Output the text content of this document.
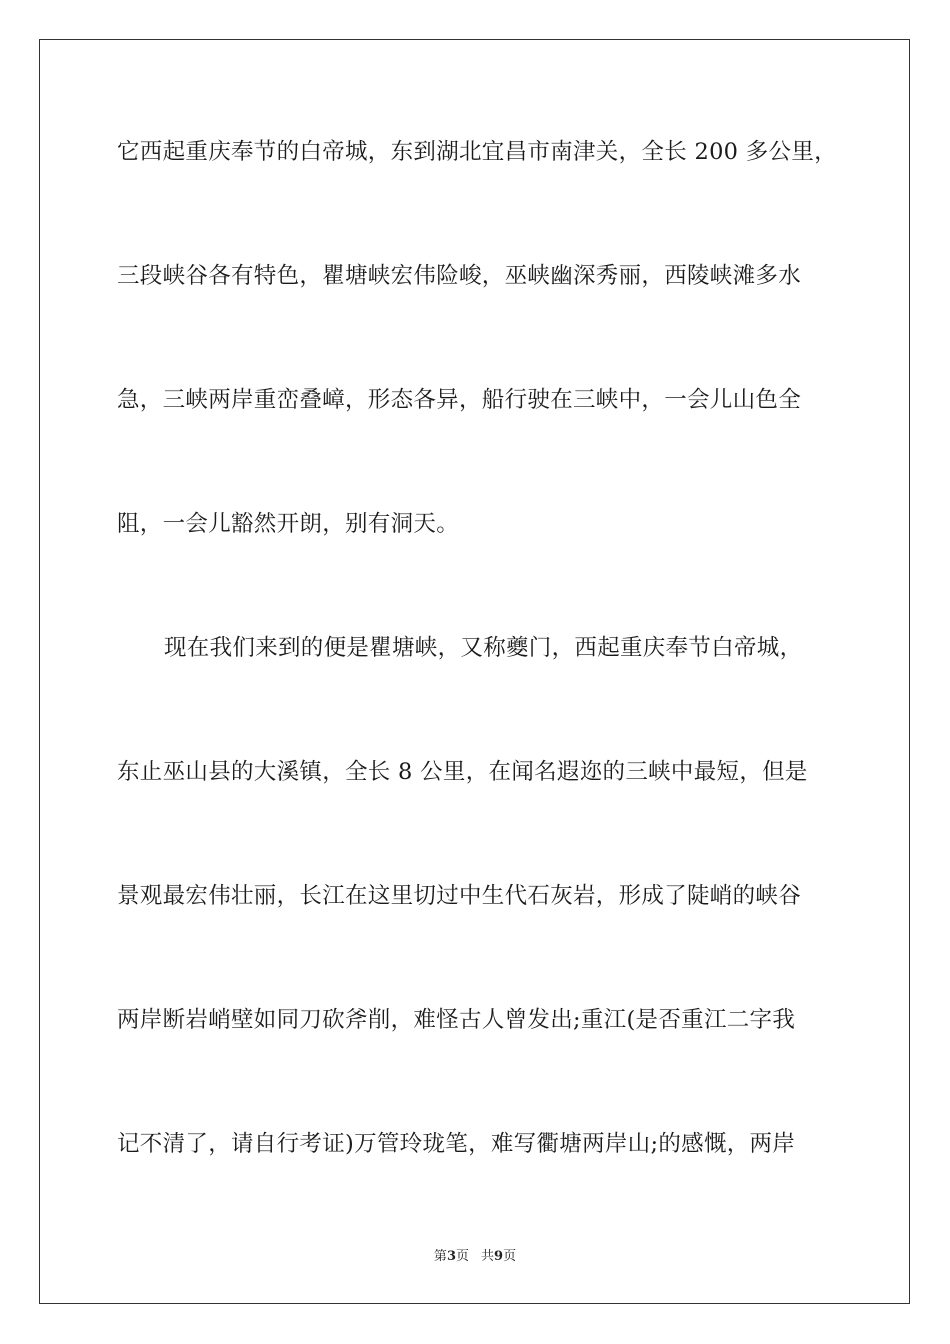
它西起重庆奉节的白帝城，东到湖北宜昌市南津关，全长 200 多公里，
三段峡谷各有特色，瞿塘峡宏伟险峻，巫峡幽深秀丽，西陵峡滩多水
急，三峡两岸重峦叠嶂，形态各异，船行驶在三峡中，一会儿山色全
阻，一会儿豁然开朗，别有洞天。
现在我们来到的便是瞿塘峡，又称夔门，西起重庆奉节白帝城，
东止巫山县的大溪镇，全长 8 公里，在闻名遐迩的三峡中最短，但是
景观最宏伟壮丽，长江在这里切过中生代石灰岩，形成了陡峭的峡谷
两岸断岩峭壁如同刀砍斧削，难怪古人曾发出;重江(是否重江二字我
记不清了，请自行考证)万管玲珑笔，难写衢塘两岸山;的感慨，两岸
第3页 共9页
